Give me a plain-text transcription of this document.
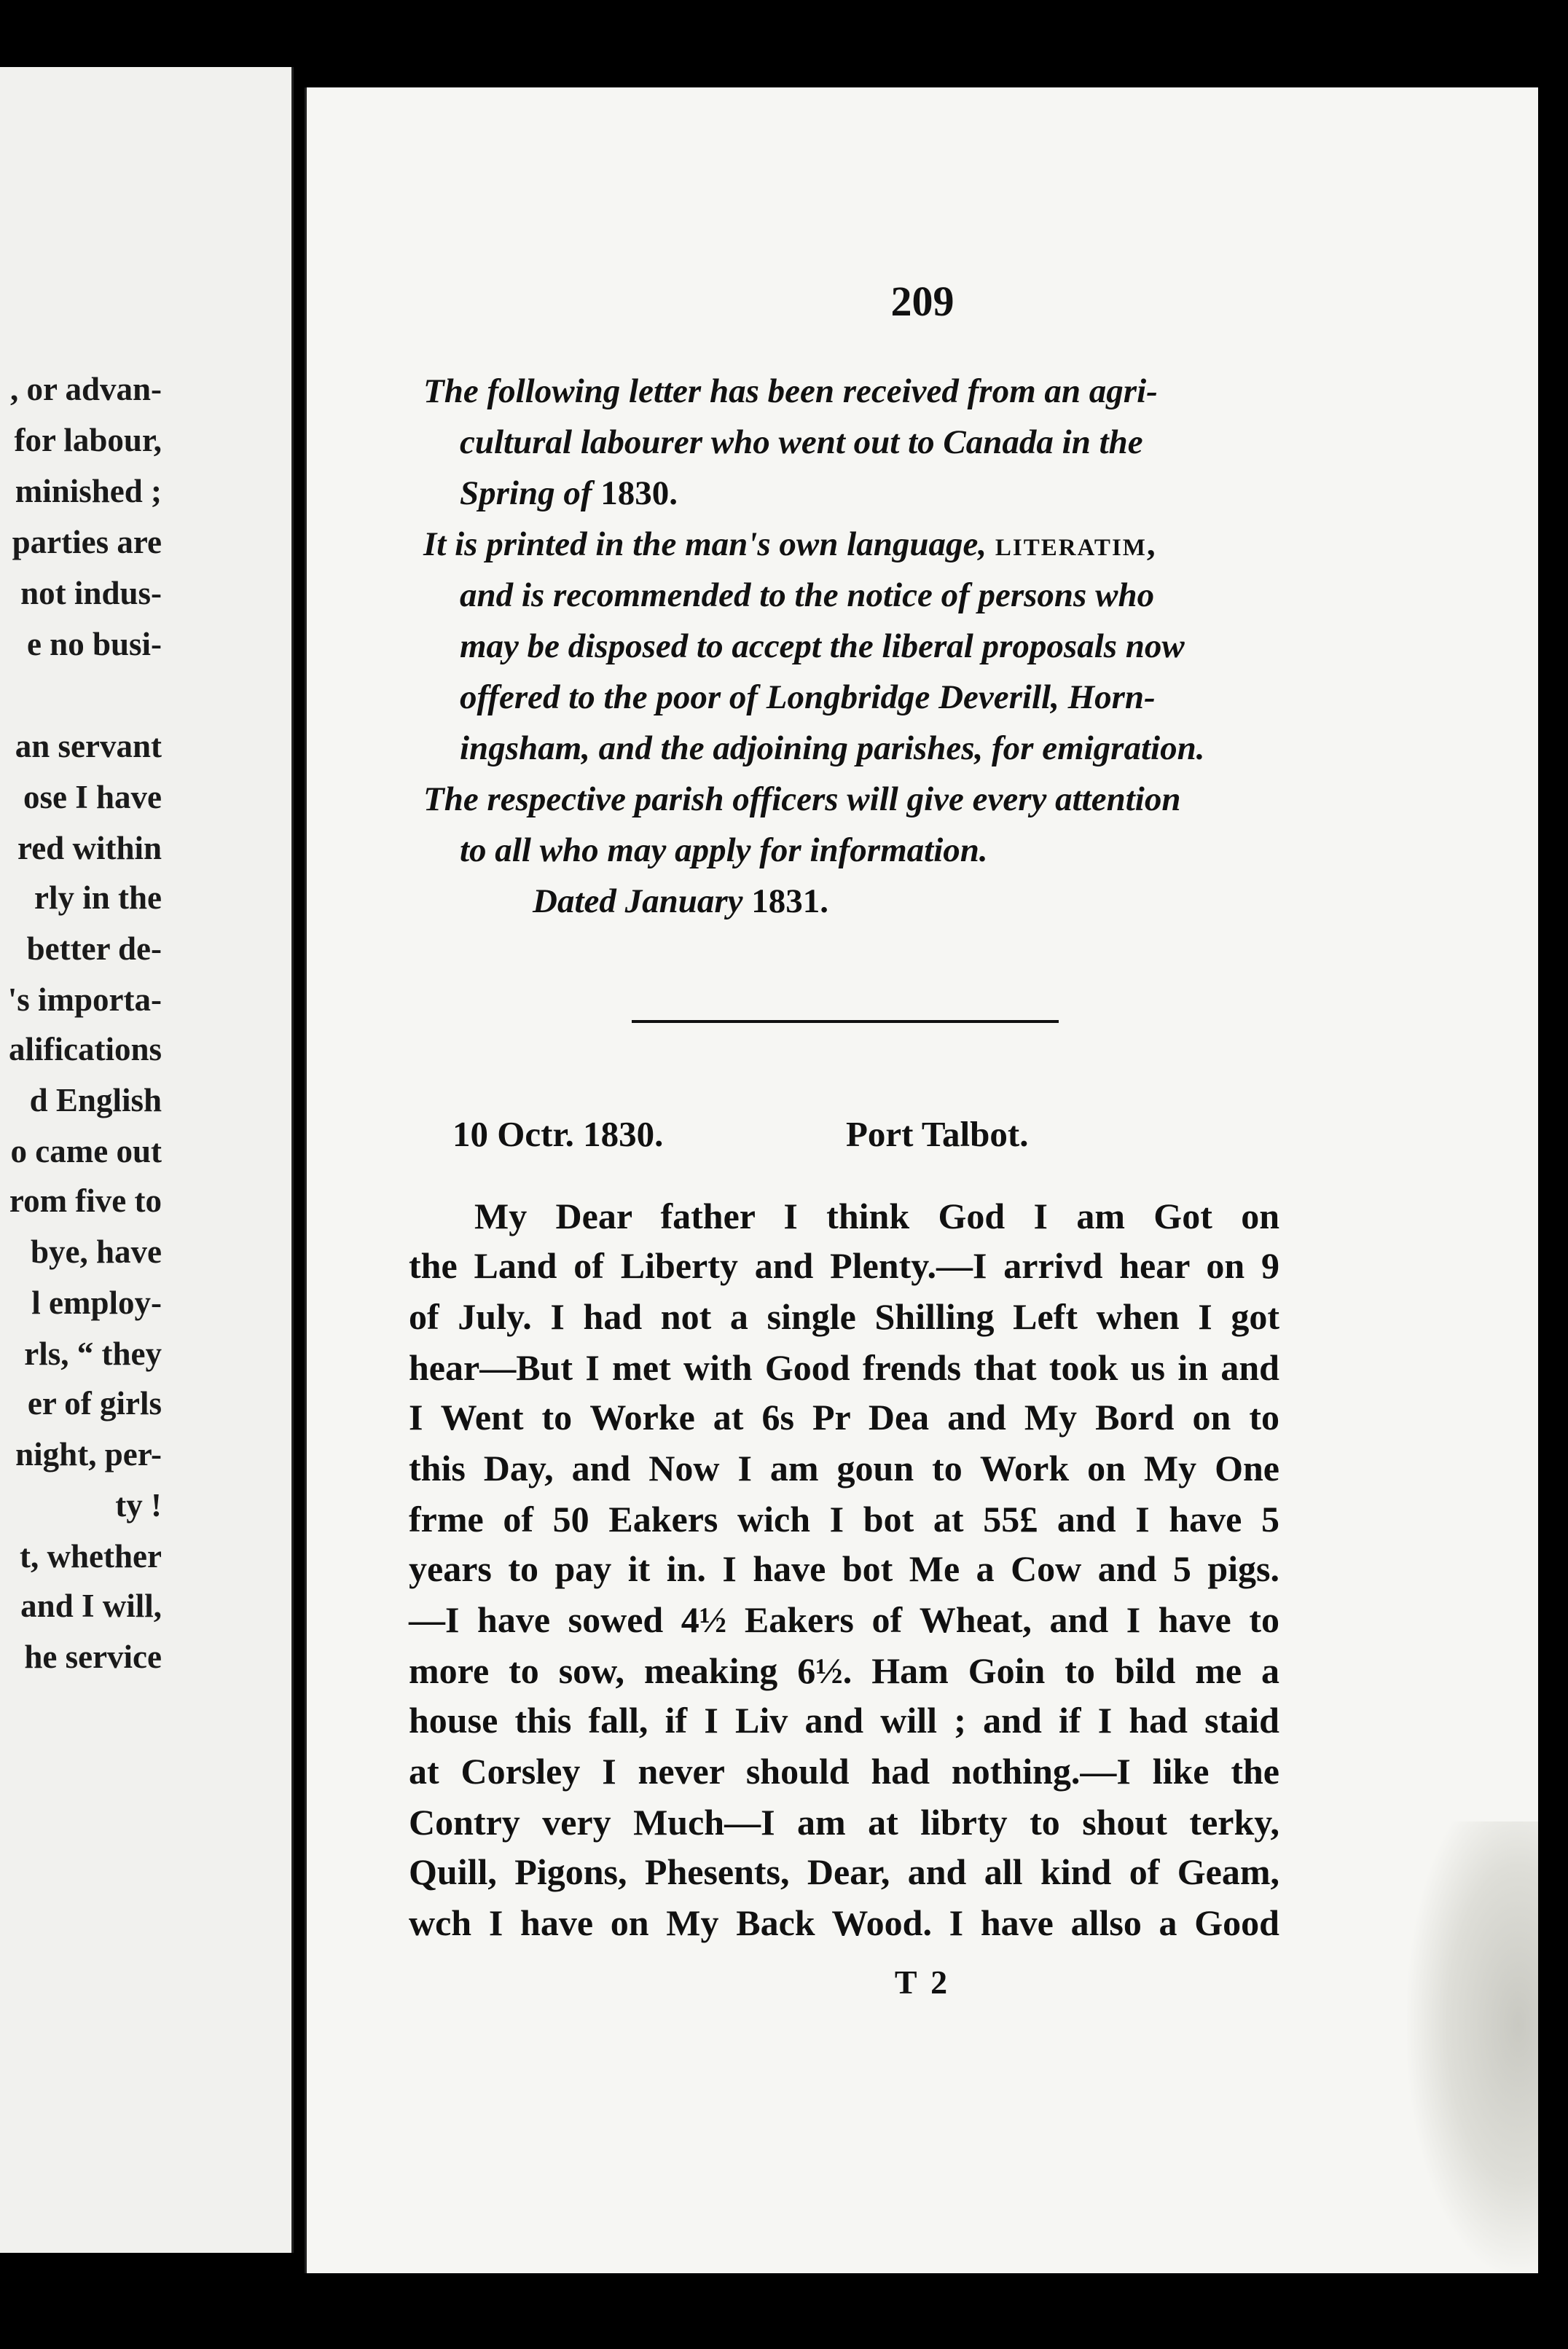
, or advan-
for labour,
minished ;
parties are
not indus-
e no busi-
an servant
ose I have
red within
rly in the
better de-
's importa-
alifications
d English
o came out
rom five to
bye, have
l employ-
rls, “ they
er of girls
night, per-
ty !
t, whether
and I will,
he service
209
The following letter has been received from an agri-
cultural labourer who went out to Canada in the
Spring of 1830.
It is printed in the man's own language, literatim,
and is recommended to the notice of persons who
may be disposed to accept the liberal proposals now
offered to the poor of Longbridge Deverill, Horn-
ingsham, and the adjoining parishes, for emigration.
The respective parish officers will give every attention
to all who may apply for information.
Dated January 1831.
10 Octr. 1830.	Port Talbot.
My Dear father I think God I am Got on
the Land of Liberty and Plenty.—I arrivd hear on 9
of July. I had not a single Shilling Left when I got
hear—But I met with Good frends that took us in and
I Went to Worke at 6s Pr Dea and My Bord on to
this Day, and Now I am goun to Work on My One
frme of 50 Eakers wich I bot at 55£ and I have 5
years to pay it in. I have bot Me a Cow and 5 pigs.
—I have sowed 4½ Eakers of Wheat, and I have to
more to sow, meaking 6½. Ham Goin to bild me a
house this fall, if I Liv and will ; and if I had staid
at Corsley I never should had nothing.—I like the
Contry very Much—I am at librty to shout terky,
Quill, Pigons, Phesents, Dear, and all kind of Geam,
wch I have on My Back Wood. I have allso a Good
T 2
